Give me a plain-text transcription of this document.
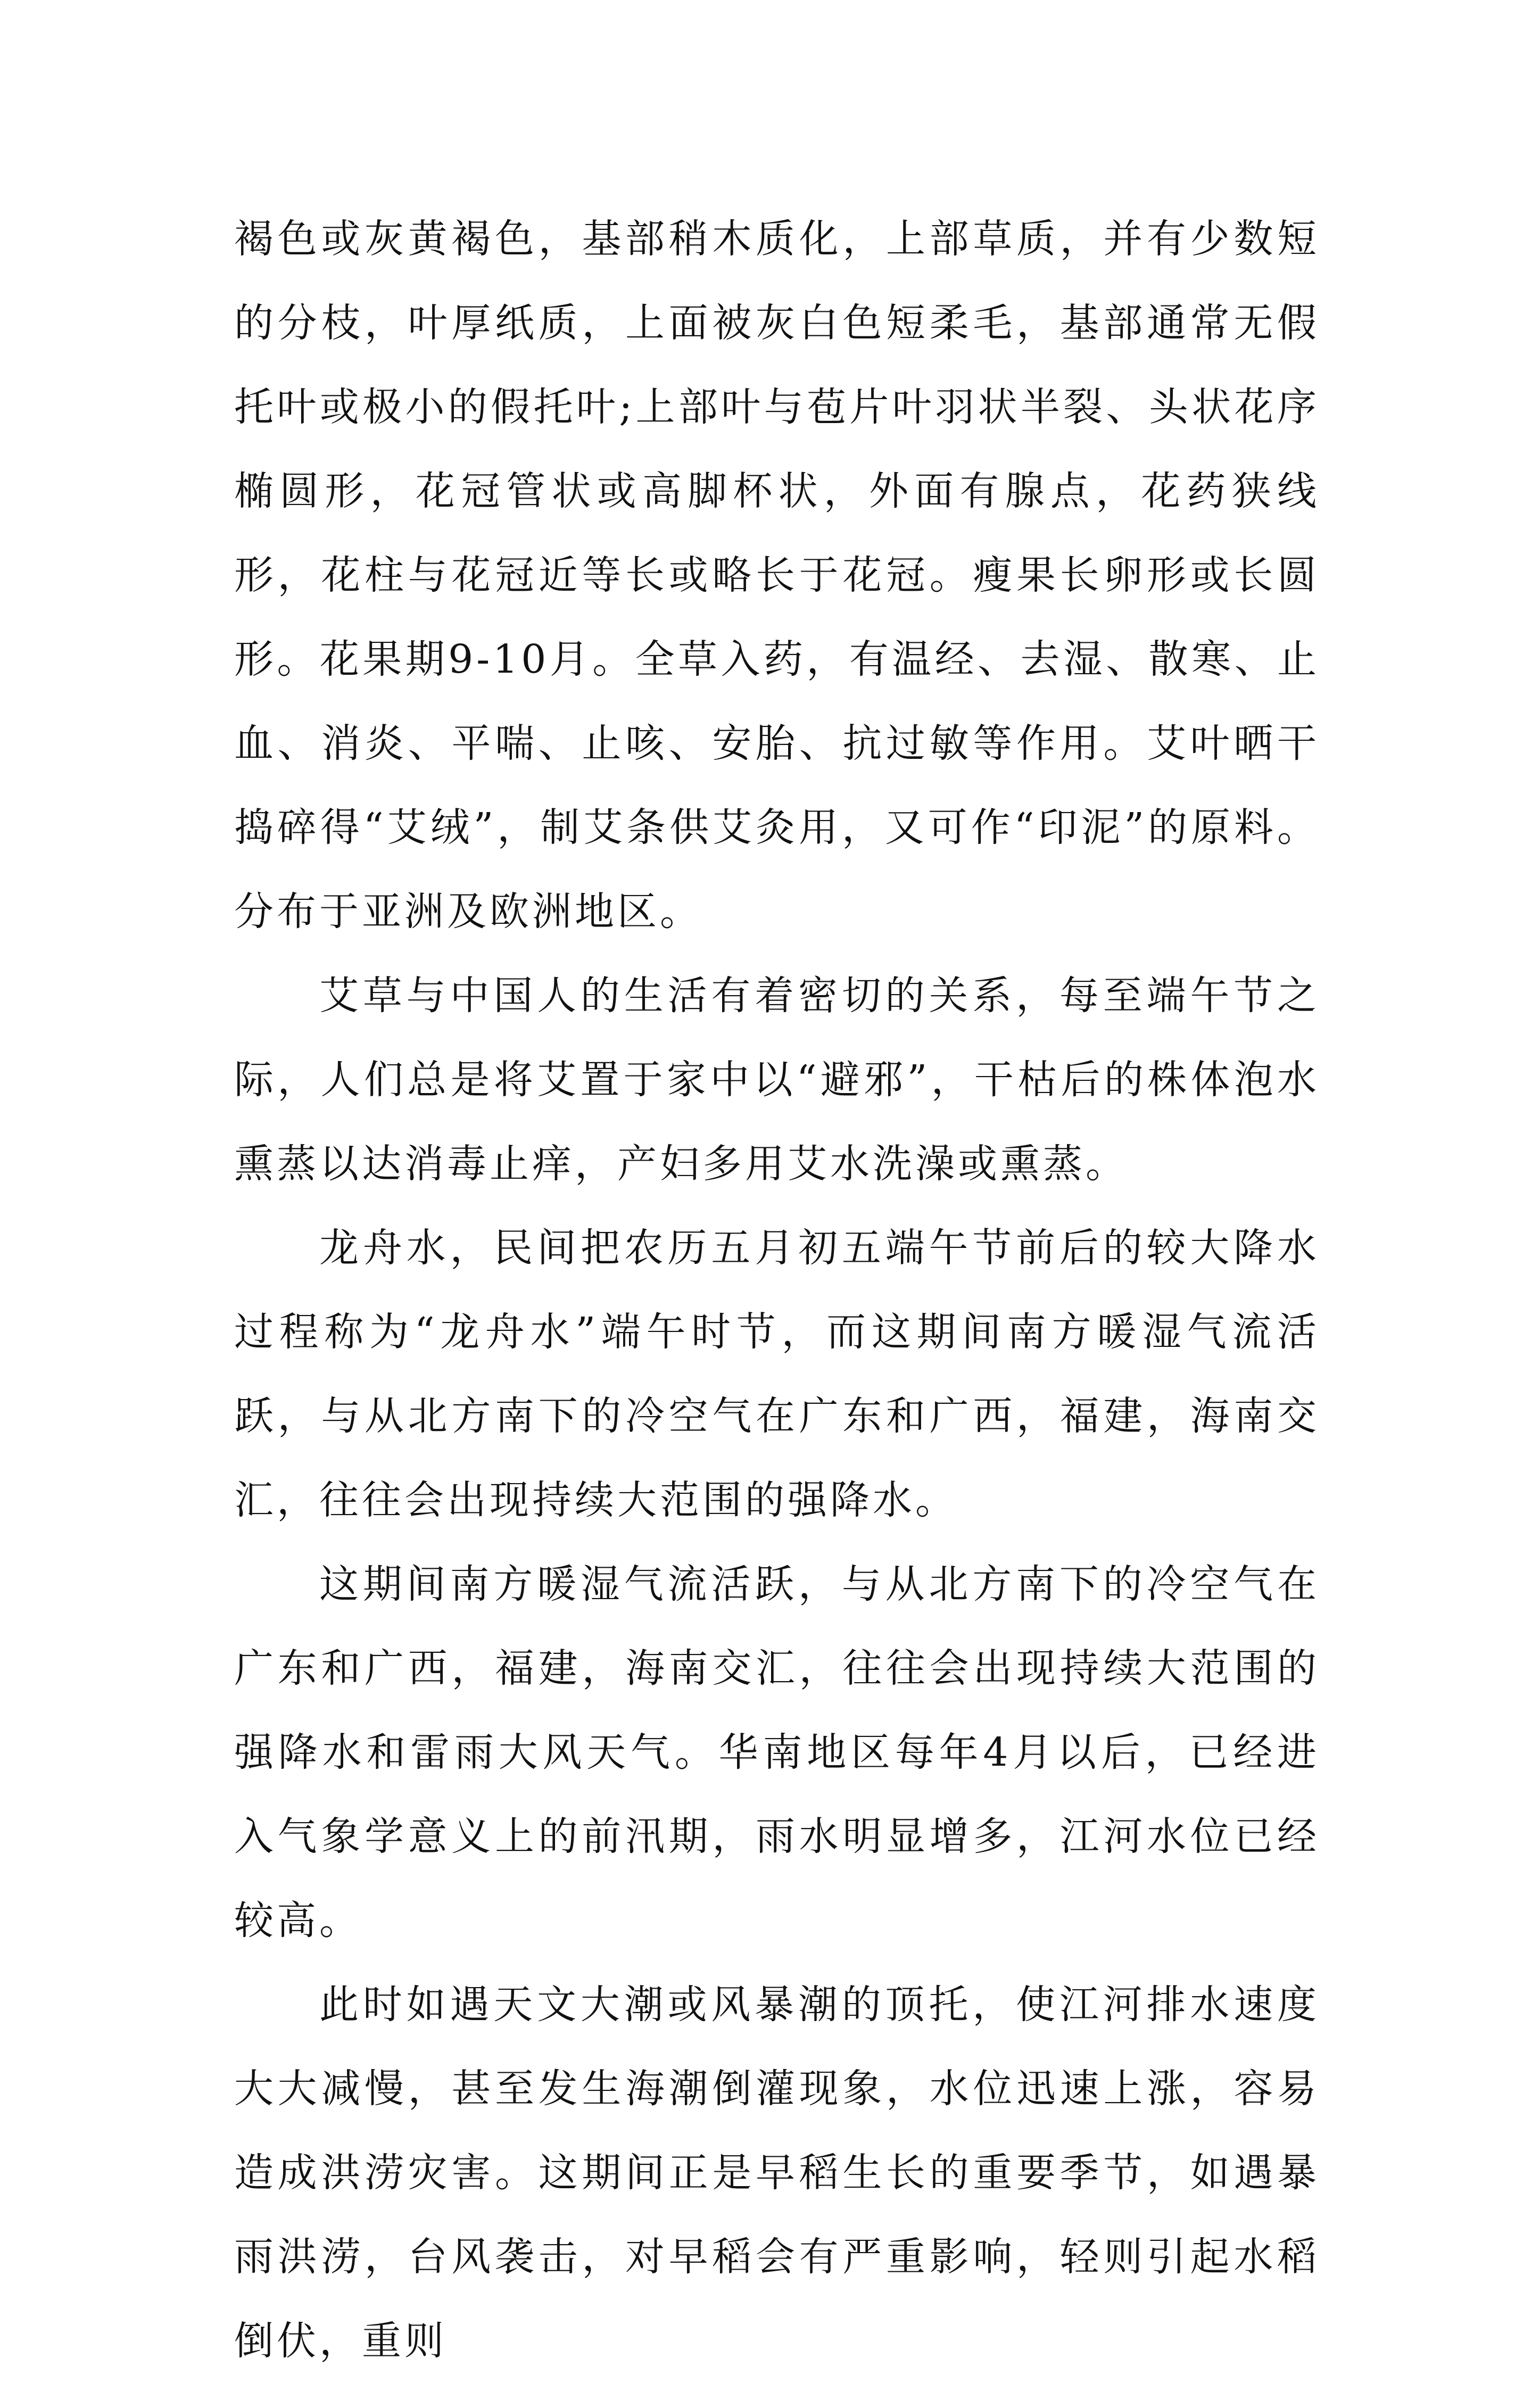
褐色或灰黄褐色，基部稍木质化，上部草质，并有少数短的分枝，叶厚纸质，上面被灰白色短柔毛，基部通常无假托叶或极小的假托叶;上部叶与苞片叶羽状半裂、头状花序椭圆形，花冠管状或高脚杯状，外面有腺点，花药狭线形，花柱与花冠近等长或略长于花冠。瘦果长卵形或长圆形。花果期9-10月。全草入药，有温经、去湿、散寒、止血、消炎、平喘、止咳、安胎、抗过敏等作用。艾叶晒干捣碎得“艾绒”，制艾条供艾灸用，又可作“印泥”的原料。分布于亚洲及欧洲地区。

艾草与中国人的生活有着密切的关系，每至端午节之际，人们总是将艾置于家中以“避邪”，干枯后的株体泡水熏蒸以达消毒止痒，产妇多用艾水洗澡或熏蒸。

龙舟水，民间把农历五月初五端午节前后的较大降水过程称为“龙舟水”端午时节，而这期间南方暖湿气流活跃，与从北方南下的冷空气在广东和广西，福建，海南交汇，往往会出现持续大范围的强降水。

这期间南方暖湿气流活跃，与从北方南下的冷空气在广东和广西，福建，海南交汇，往往会出现持续大范围的强降水和雷雨大风天气。华南地区每年4月以后，已经进入气象学意义上的前汛期，雨水明显增多，江河水位已经较高。

此时如遇天文大潮或风暴潮的顶托，使江河排水速度大大减慢，甚至发生海潮倒灌现象，水位迅速上涨，容易造成洪涝灾害。这期间正是早稻生长的重要季节，如遇暴雨洪涝，台风袭击，对早稻会有严重影响，轻则引起水稻倒伏，重则
